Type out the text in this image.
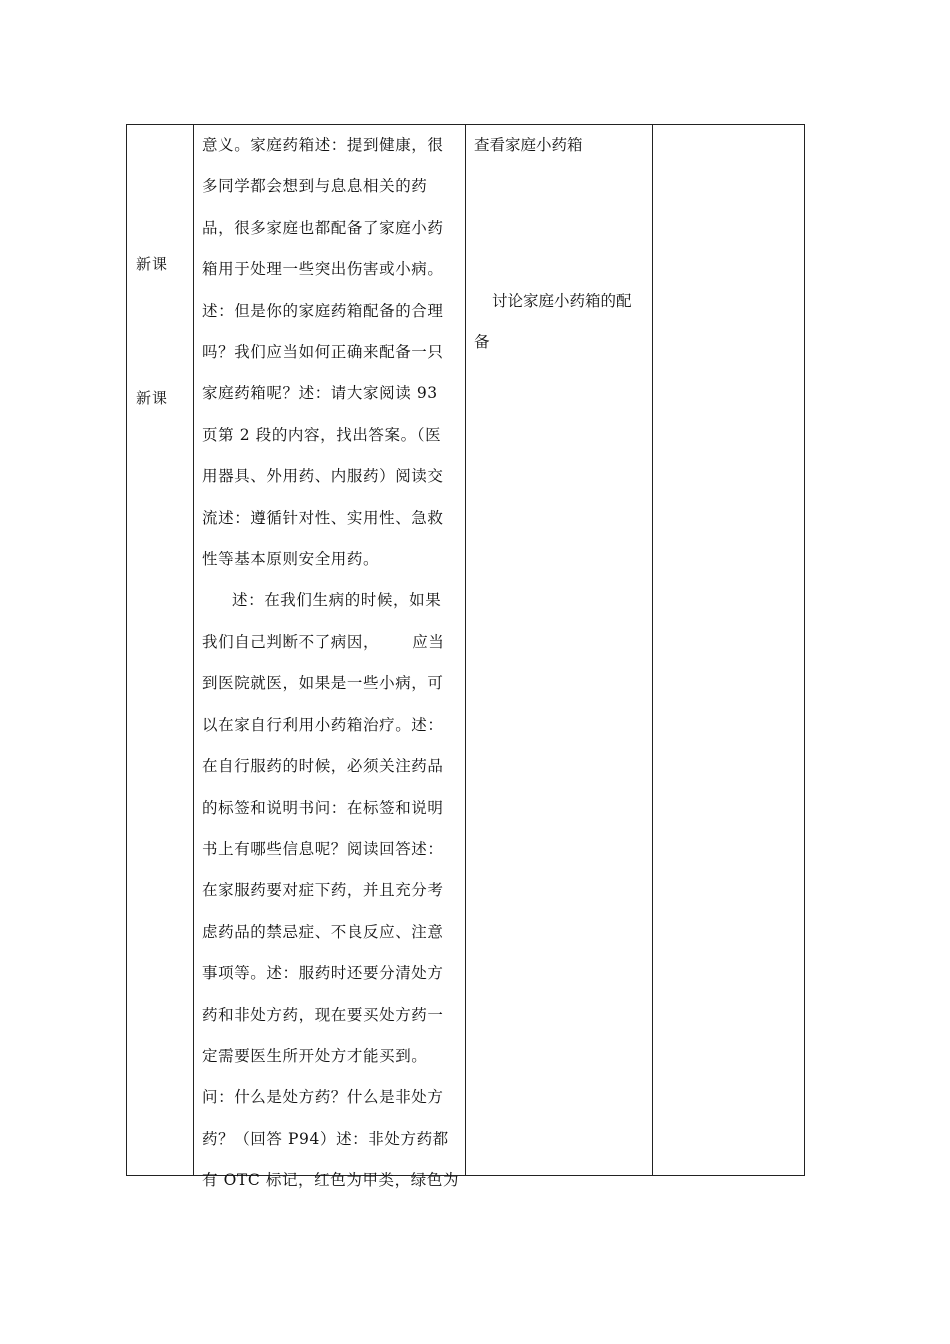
新课
新课

意义。家庭药箱述：提到健康，很

多同学都会想到与息息相关的药

品，很多家庭也都配备了家庭小药

箱用于处理一些突出伤害或小病。

述：但是你的家庭药箱配备的合理

吗？我们应当如何正确来配备一只

家庭药箱呢？述：请大家阅读 93

页第 2 段的内容，找出答案。（医

用器具、外用药、内服药）阅读交

流述：遵循针对性、实用性、急救

性等基本原则安全用药。

述：在我们生病的时候，如果

我们自己判断不了病因，      应当

到医院就医，如果是一些小病，可

以在家自行利用小药箱治疗。述：

在自行服药的时候，必须关注药品

的标签和说明书问：在标签和说明

书上有哪些信息呢？阅读回答述：

在家服药要对症下药，并且充分考

虑药品的禁忌症、不良反应、注意

事项等。述：服药时还要分清处方

药和非处方药，现在要买处方药一

定需要医生所开处方才能买到。

问：什么是处方药？什么是非处方

药？（回答 P94）述：非处方药都

有 OTC 标记，红色为甲类，绿色为

查看家庭小药箱

讨论家庭小药箱的配

备
